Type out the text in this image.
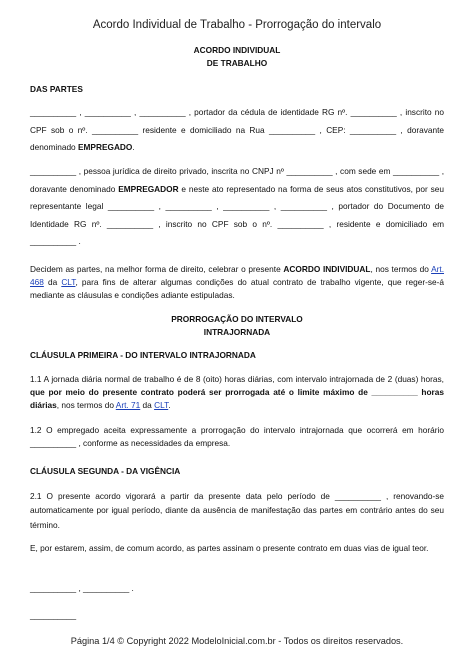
Acordo Individual de Trabalho - Prorrogação do intervalo
ACORDO INDIVIDUAL
DE TRABALHO
DAS PARTES
__________ , __________ , __________ , portador da cédula de identidade RG nº. __________ , inscrito no CPF sob o nº. __________ residente e domiciliado na Rua __________ , CEP: __________ , doravante denominado EMPREGADO.
__________ , pessoa jurídica de direito privado, inscrita no CNPJ nº __________ , com sede em __________ , doravante denominado EMPREGADOR e neste ato representado na forma de seus atos constitutivos, por seu representante legal __________ , __________ , __________ , __________ , portador do Documento de Identidade RG nº. __________ , inscrito no CPF sob o nº. __________ , residente e domiciliado em __________ .
Decidem as partes, na melhor forma de direito, celebrar o presente ACORDO INDIVIDUAL, nos termos do Art. 468 da CLT, para fins de alterar algumas condições do atual contrato de trabalho vigente, que reger-se-á mediante as cláusulas e condições adiante estipuladas.
PRORROGAÇÃO DO INTERVALO
INTRAJORNADA
CLÁUSULA PRIMEIRA - DO INTERVALO INTRAJORNADA
1.1 A jornada diária normal de trabalho é de 8 (oito) horas diárias, com intervalo intrajornada de 2 (duas) horas, que por meio do presente contrato poderá ser prorrogada até o limite máximo de __________ horas diárias, nos termos do Art. 71 da CLT.
1.2 O empregado aceita expressamente a prorrogação do intervalo intrajornada que ocorrerá em horário __________ , conforme as necessidades da empresa.
CLÁUSULA SEGUNDA - DA VIGÊNCIA
2.1 O presente acordo vigorará a partir da presente data pelo período de __________ , renovando-se automaticamente por igual período, diante da ausência de manifestação das partes em contrário antes do seu término.
E, por estarem, assim, de comum acordo, as partes assinam o presente contrato em duas vias de igual teor.
__________ , __________ .
__________
Página 1/4 © Copyright 2022 ModeloInicial.com.br - Todos os direitos reservados.
